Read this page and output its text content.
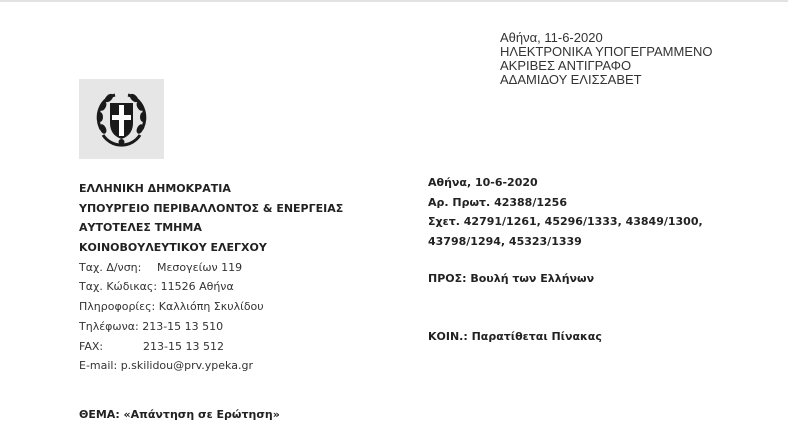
Αθήνα, 11-6-2020
ΗΛΕΚΤΡΟΝΙΚΑ ΥΠΟΓΕΓΡΑΜΜΕΝΟ
ΑΚΡΙΒΕΣ ΑΝΤΙΓΡΑΦΟ
ΑΔΑΜΙΔΟΥ ΕΛΙΣΣΑΒΕΤ
ΕΛΛΗΝΙΚΗ ΔΗΜΟΚΡΑΤΙΑ
ΥΠΟΥΡΓΕΙΟ ΠΕΡΙΒΑΛΛΟΝΤΟΣ & ΕΝΕΡΓΕΙΑΣ
ΑΥΤΟΤΕΛΕΣ ΤΜΗΜΑ
ΚΟΙΝΟΒΟΥΛΕΥΤΙΚΟΥ ΕΛΕΓΧΟΥ
Ταχ. Δ/νση: Μεσογείων 119
Ταχ. Κώδικας: 11526 Αθήνα
Πληροφορίες: Καλλιόπη Σκυλίδου
Τηλέφωνα: 213-15 13 510
FAX:	213-15 13 512
E-mail: p.skilidou@prv.ypeka.gr
Αθήνα, 10-6-2020
Αρ. Πρωτ. 42388/1256
Σχετ. 42791/1261, 45296/1333, 43849/1300,
43798/1294, 45323/1339
ΠΡΟΣ: Βουλή των Ελλήνων
ΚΟΙΝ.: Παρατίθεται Πίνακας
ΘΕΜΑ: «Απάντηση σε Ερώτηση»
